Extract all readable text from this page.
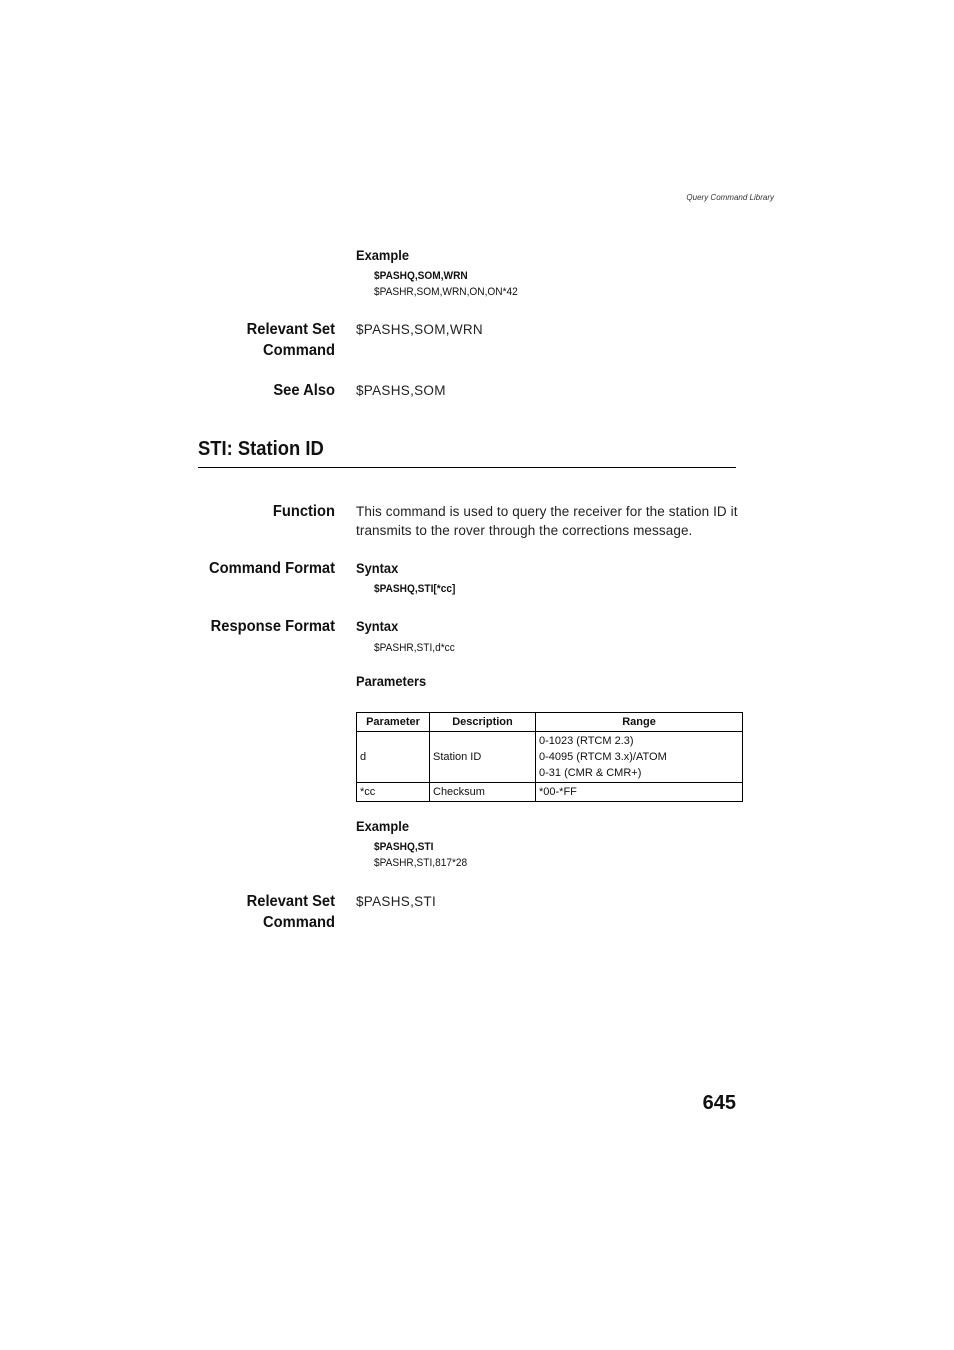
Query Command Library
Example
$PASHQ,SOM,WRN
$PASHR,SOM,WRN,ON,ON*42
Relevant Set
Command
$PASHS,SOM,WRN
See Also $PASHS,SOM
STI: Station ID
Function This command is used to query the receiver for the station ID it transmits to the rover through the corrections message.
Command Format Syntax
$PASHQ,STI[*cc]
Response Format Syntax
$PASHR,STI,d*cc
Parameters
Parameter	Description	Range
d	Station ID	0-1023 (RTCM 2.3)
0-4095 (RTCM 3.x)/ATOM
0-31 (CMR & CMR+)

*cc	Checksum	*00-*FF
Example
$PASHQ,STI
$PASHR,STI,817*28
Relevant Set
Command
$PASHS,STI
645
